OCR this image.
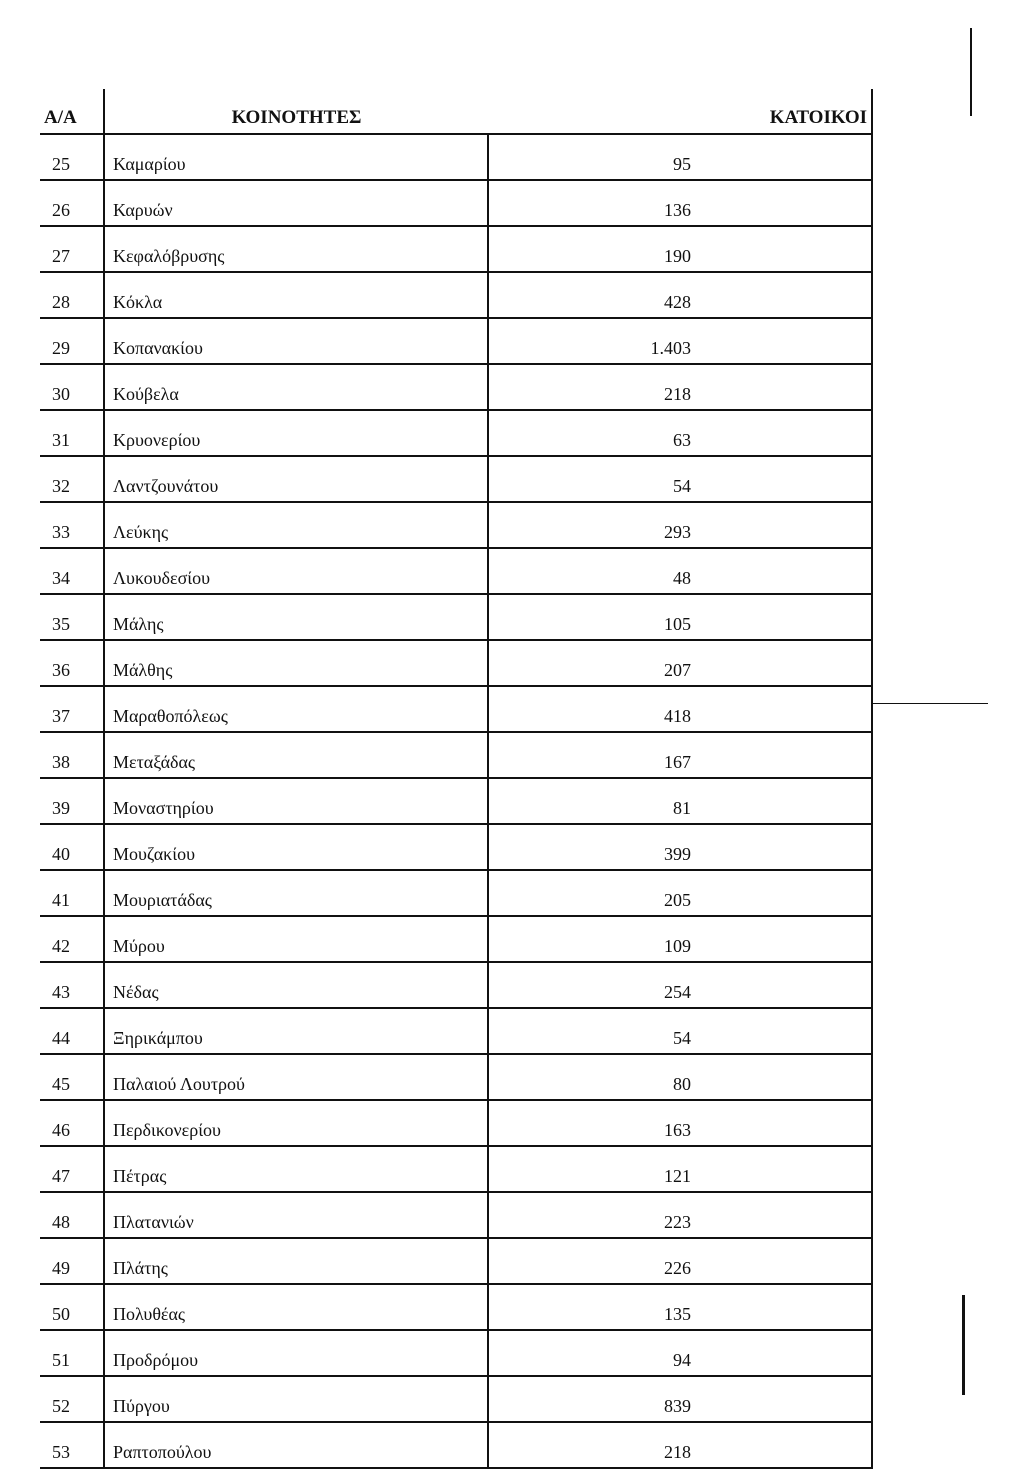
Α/Α	ΚΟΙΝΟΤΗΤΕΣ	ΚΑΤΟΙΚΟΙ
25	Καμαρίου	95
26	Καρυών	136
27	Κεφαλόβρυσης	190
28	Κόκλα	428
29	Κοπανακίου	1.403
30	Κούβελα	218
31	Κρυονερίου	63
32	Λαντζουνάτου	54
33	Λεύκης	293
34	Λυκουδεσίου	48
35	Μάλης	105
36	Μάλθης	207
37	Μαραθοπόλεως	418
38	Μεταξάδας	167
39	Μοναστηρίου	81
40	Μουζακίου	399
41	Μουριατάδας	205
42	Μύρου	109
43	Νέδας	254
44	Ξηρικάμπου	54
45	Παλαιού Λουτρού	80
46	Περδικονερίου	163
47	Πέτρας	121
48	Πλατανιών	223
49	Πλάτης	226
50	Πολυθέας	135
51	Προδρόμου	94
52	Πύργου	839
53	Ραπτοπούλου	218
